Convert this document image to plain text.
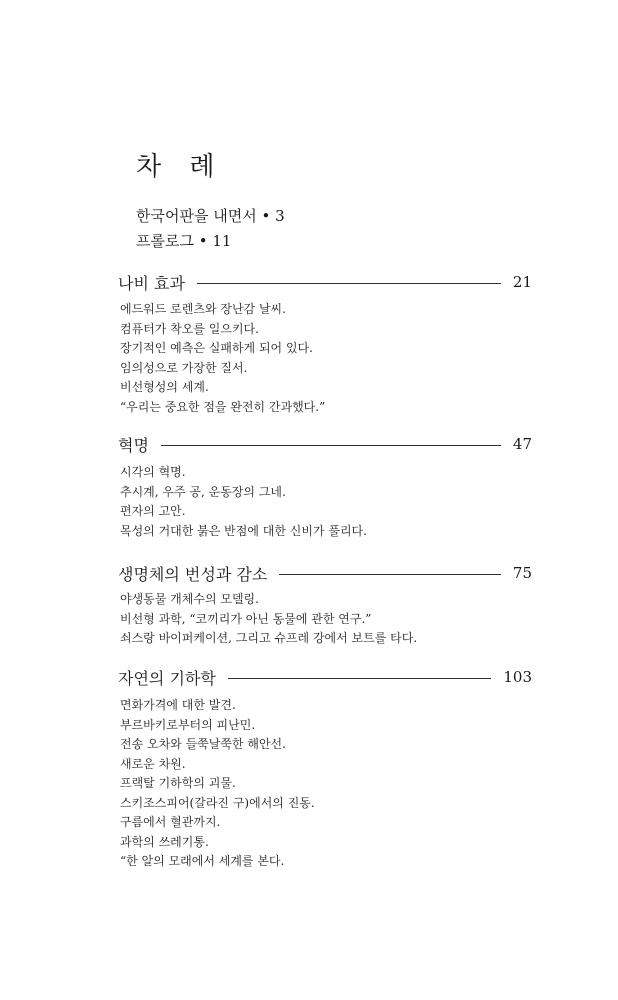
차 례
한국어판을 내면서 • 3
프롤로그 • 11
나비 효과	21
에드워드 로렌츠와 장난감 날씨.
컴퓨터가 착오를 일으키다.
장기적인 예측은 실패하게 되어 있다.
임의성으로 가장한 질서.
비선형성의 세계.
“우리는 중요한 점을 완전히 간과했다.”
혁명	47
시각의 혁명.
추시계, 우주 공, 운동장의 그네.
편자의 고안.
목성의 거대한 붉은 반점에 대한 신비가 풀리다.
생명체의 번성과 감소	75
야생동물 개체수의 모델링.
비선형 과학, “코끼리가 아닌 동물에 관한 연구.”
쇠스랑 바이퍼케이션, 그리고 슈프레 강에서 보트를 타다.
자연의 기하학	103
면화가격에 대한 발견.
부르바키로부터의 피난민.
전송 오차와 들쭉날쭉한 해안선.
새로운 차원.
프랙탈 기하학의 괴물.
스키조스피어(갈라진 구)에서의 진동.
구름에서 혈관까지.
과학의 쓰레기통.
“한 알의 모래에서 세계를 본다.
